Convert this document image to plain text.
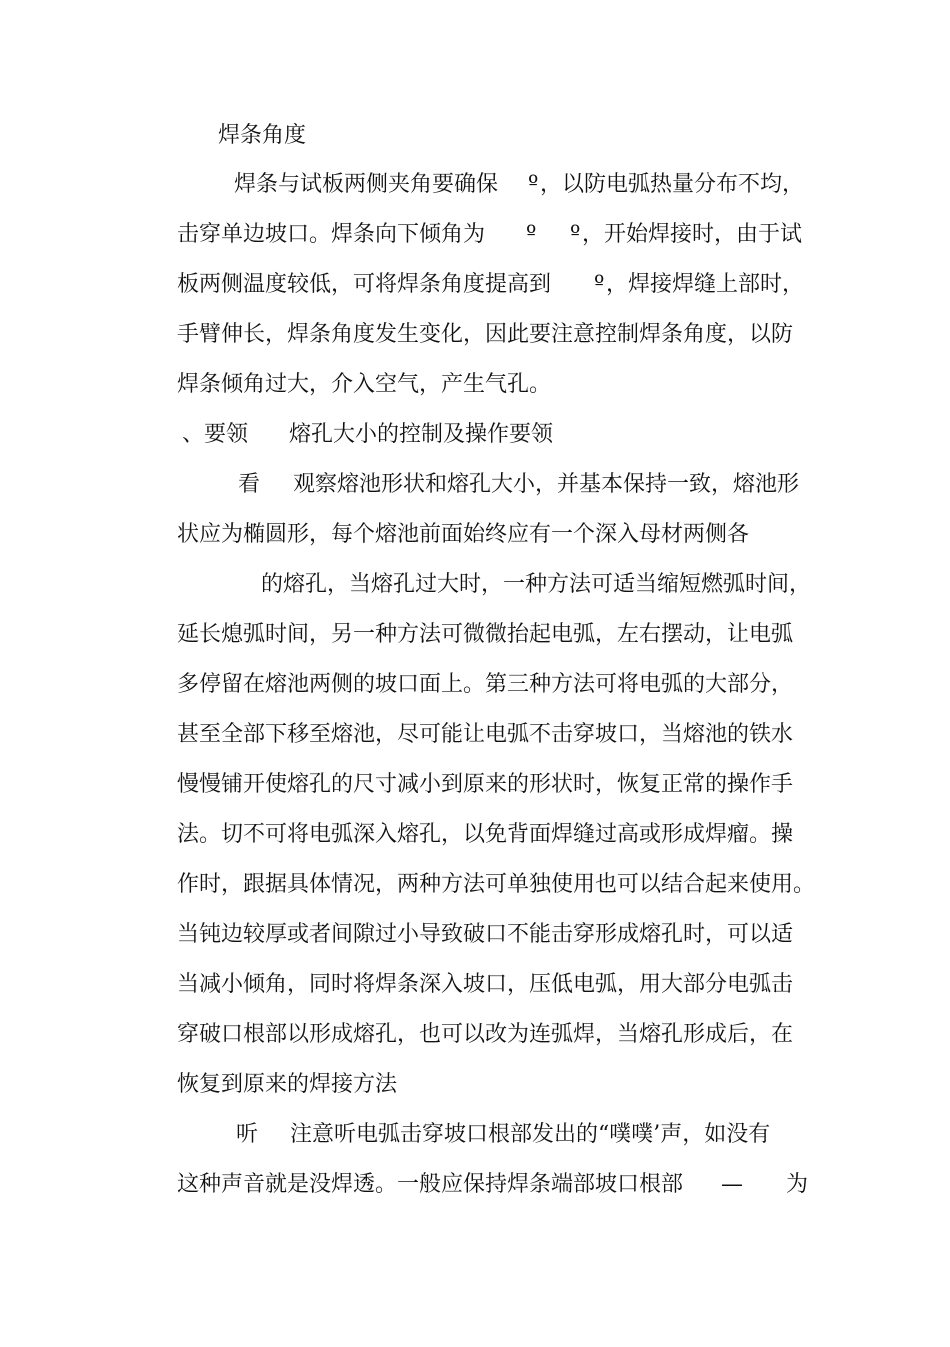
焊条角度

焊条与试板两侧夹角要确保

º

，以防电弧热量分布不均，

击穿单边坡口。焊条向下倾角为

º

º

，开始焊接时，由于试

板两侧温度较低，可将焊条角度提高到

º

，焊接焊缝上部时，

手臂伸长，焊条角度发生变化，因此要注意控制焊条角度，以防

焊条倾角过大，介入空气，产生气孔。

、要领

熔孔大小的控制及操作要领

看

观察熔池形状和熔孔大小，并基本保持一致，熔池形

状应为椭圆形，每个熔池前面始终应有一个深入母材两侧各

的熔孔，当熔孔过大时，一种方法可适当缩短燃弧时间，

延长熄弧时间，另一种方法可微微抬起电弧，左右摆动，让电弧

多停留在熔池两侧的坡口面上。第三种方法可将电弧的大部分，

甚至全部下移至熔池，尽可能让电弧不击穿坡口，当熔池的铁水

慢慢铺开使熔孔的尺寸减小到原来的形状时，恢复正常的操作手

法。切不可将电弧深入熔孔，以免背面焊缝过高或形成焊瘤。操

作时，跟据具体情况，两种方法可单独使用也可以结合起来使用。

当钝边较厚或者间隙过小导致破口不能击穿形成熔孔时，可以适

当减小倾角，同时将焊条深入坡口，压低电弧，用大部分电弧击

穿破口根部以形成熔孔，也可以改为连弧焊，当熔孔形成后，在

恢复到原来的焊接方法

听

注意听电弧击穿坡口根部发出的“噗噗’声，如没有

这种声音就是没焊透。一般应保持焊条端部坡口根部

—

为
